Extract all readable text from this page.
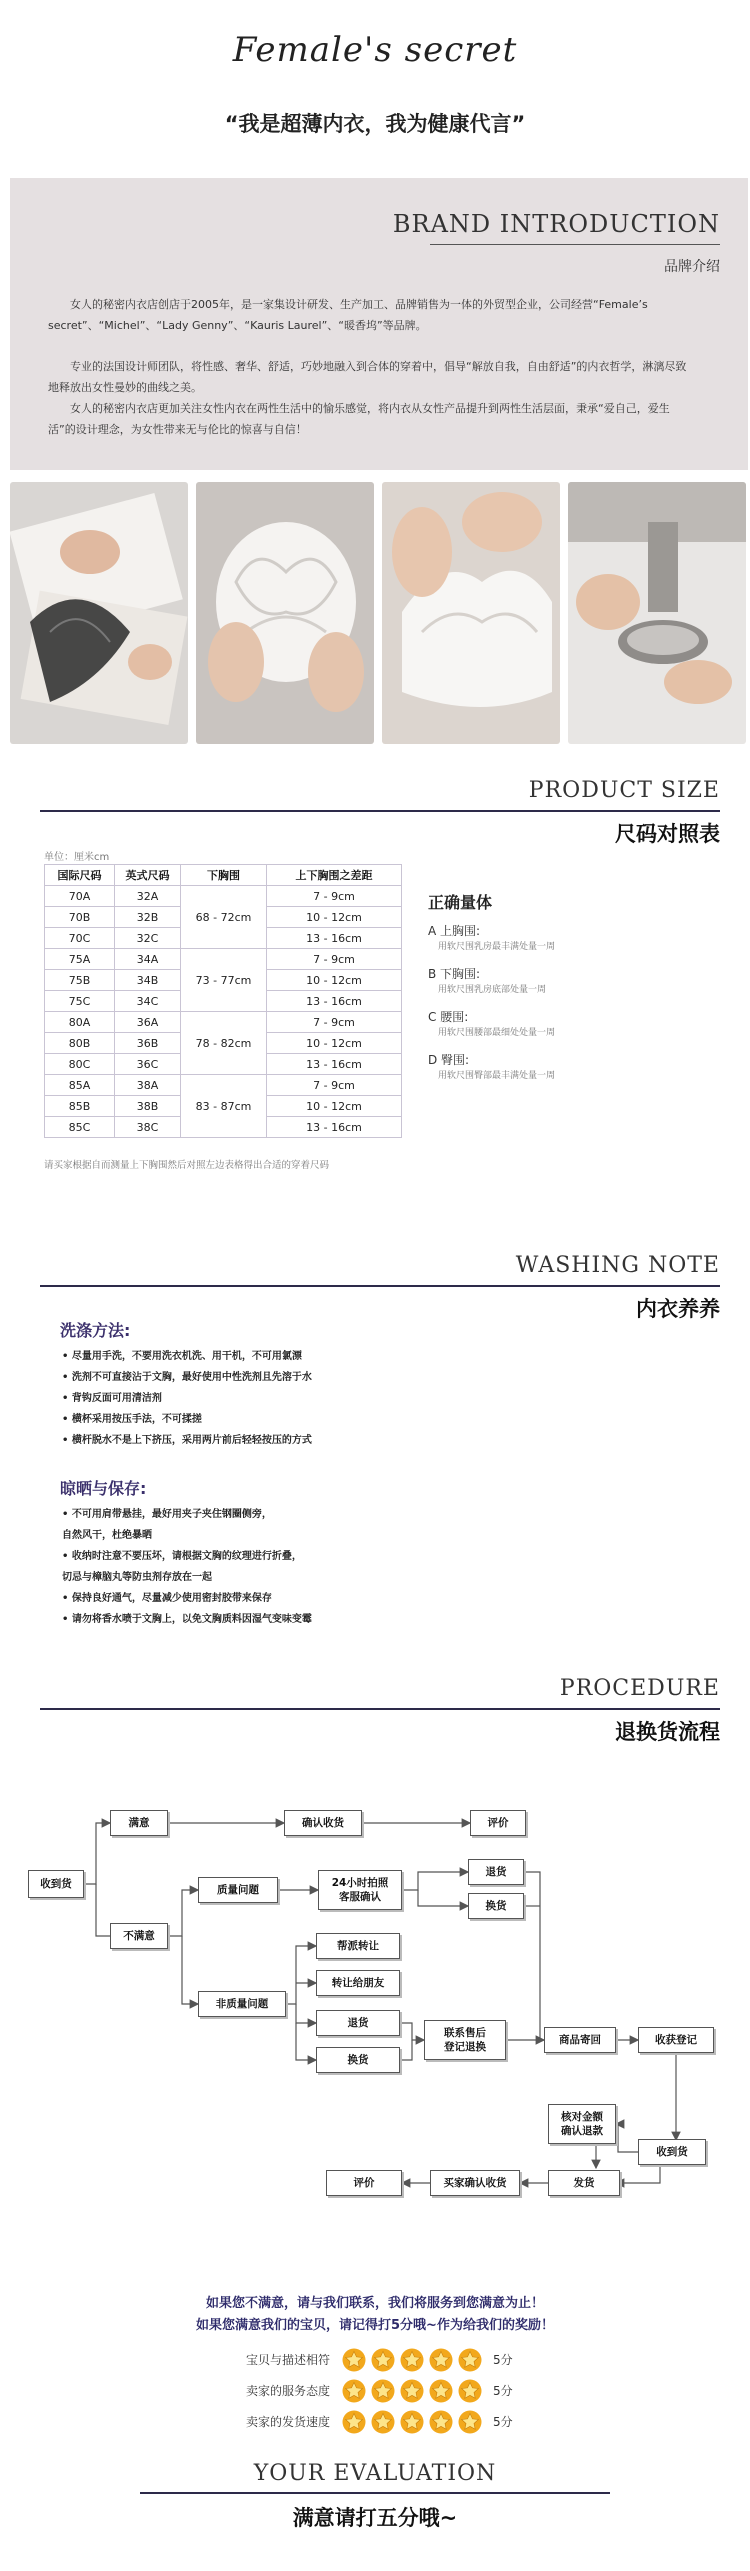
Female's secret
“我是超薄内衣，我为健康代言”
BRAND INTRODUCTION
品牌介绍
女人的秘密内衣店创店于2005年，是一家集设计研发、生产加工、品牌销售为一体的外贸型企业，公司经营“Female’s secret”、“Michel”、“Lady Genny”、“Kauris Laurel”、“暖香坞”等品牌。
专业的法国设计师团队，将性感、奢华、舒适，巧妙地融入到合体的穿着中，倡导“解放自我，自由舒适”的内衣哲学，淋漓尽致地释放出女性曼妙的曲线之美。
女人的秘密内衣店更加关注女性内衣在两性生活中的愉乐感觉，将内衣从女性产品提升到两性生活层面，秉承“爱自己，爱生活”的设计理念，为女性带来无与伦比的惊喜与自信！
PRODUCT SIZE
尺码对照表
单位：厘米cm
国际尺码	英式尺码	下胸围	上下胸围之差距
70A	32A	68 - 72cm	7 - 9cm
70B	32B		10 - 12cm
70C	32C		13 - 16cm
75A	34A	73 - 77cm	7 - 9cm
75B	34B		10 - 12cm
75C	34C		13 - 16cm
80A	36A	78 - 82cm	7 - 9cm
80B	36B		10 - 12cm
80C	36C		13 - 16cm
85A	38A	83 - 87cm	7 - 9cm
85B	38B		10 - 12cm
85C	38C		13 - 16cm
请买家根据自而测量上下胸围然后对照左边表格得出合适的穿着尺码
正确量体
A 上胸围:
用软尺围乳房最丰满处量一周
B 下胸围:
用软尺围乳房底部处量一周
C 腰围:
用软尺围腰部最细处处量一周
D 臀围:
用软尺围臀部最丰满处量一周
WASHING NOTE
内衣养养
洗涤方法:
• 尽量用手洗，不要用洗衣机洗、用干机，不可用氯漂
• 洗剂不可直接沾于文胸，最好使用中性洗剂且先溶于水
• 背钩反面可用清洁剂
• 横杯采用按压手法，不可揉搓
• 横杆脱水不是上下挤压，采用两片前后轻轻按压的方式
晾晒与保存:
• 不可用肩带悬挂，最好用夹子夹住钢圈侧旁，
自然风干，杜绝暴晒
• 收纳时注意不要压坏，请根据文胸的纹理进行折叠，
切忌与樟脑丸等防虫剂存放在一起
• 保持良好通气，尽量减少使用密封胶带来保存
• 请勿将香水喷于文胸上，以免文胸质料因湿气变味变霉
PROCEDURE
退换货流程
收到货
满意	确认收货	评价
不满意
质量问题
24小时拍照
客服确认
退货
换货
非质量问题
帮派转让
转让给朋友
退货
换货
联系售后
登记退换
商品寄回	收获登记
核对金额
确认退款
收到货
发货
买家确认收货
评价
如果您不满意，请与我们联系，我们将服务到您满意为止！
如果您满意我们的宝贝，请记得打5分哦~作为给我们的奖励！
宝贝与描述相符	5分
卖家的服务态度	5分
卖家的发货速度	5分
YOUR EVALUATION
满意请打五分哦~
